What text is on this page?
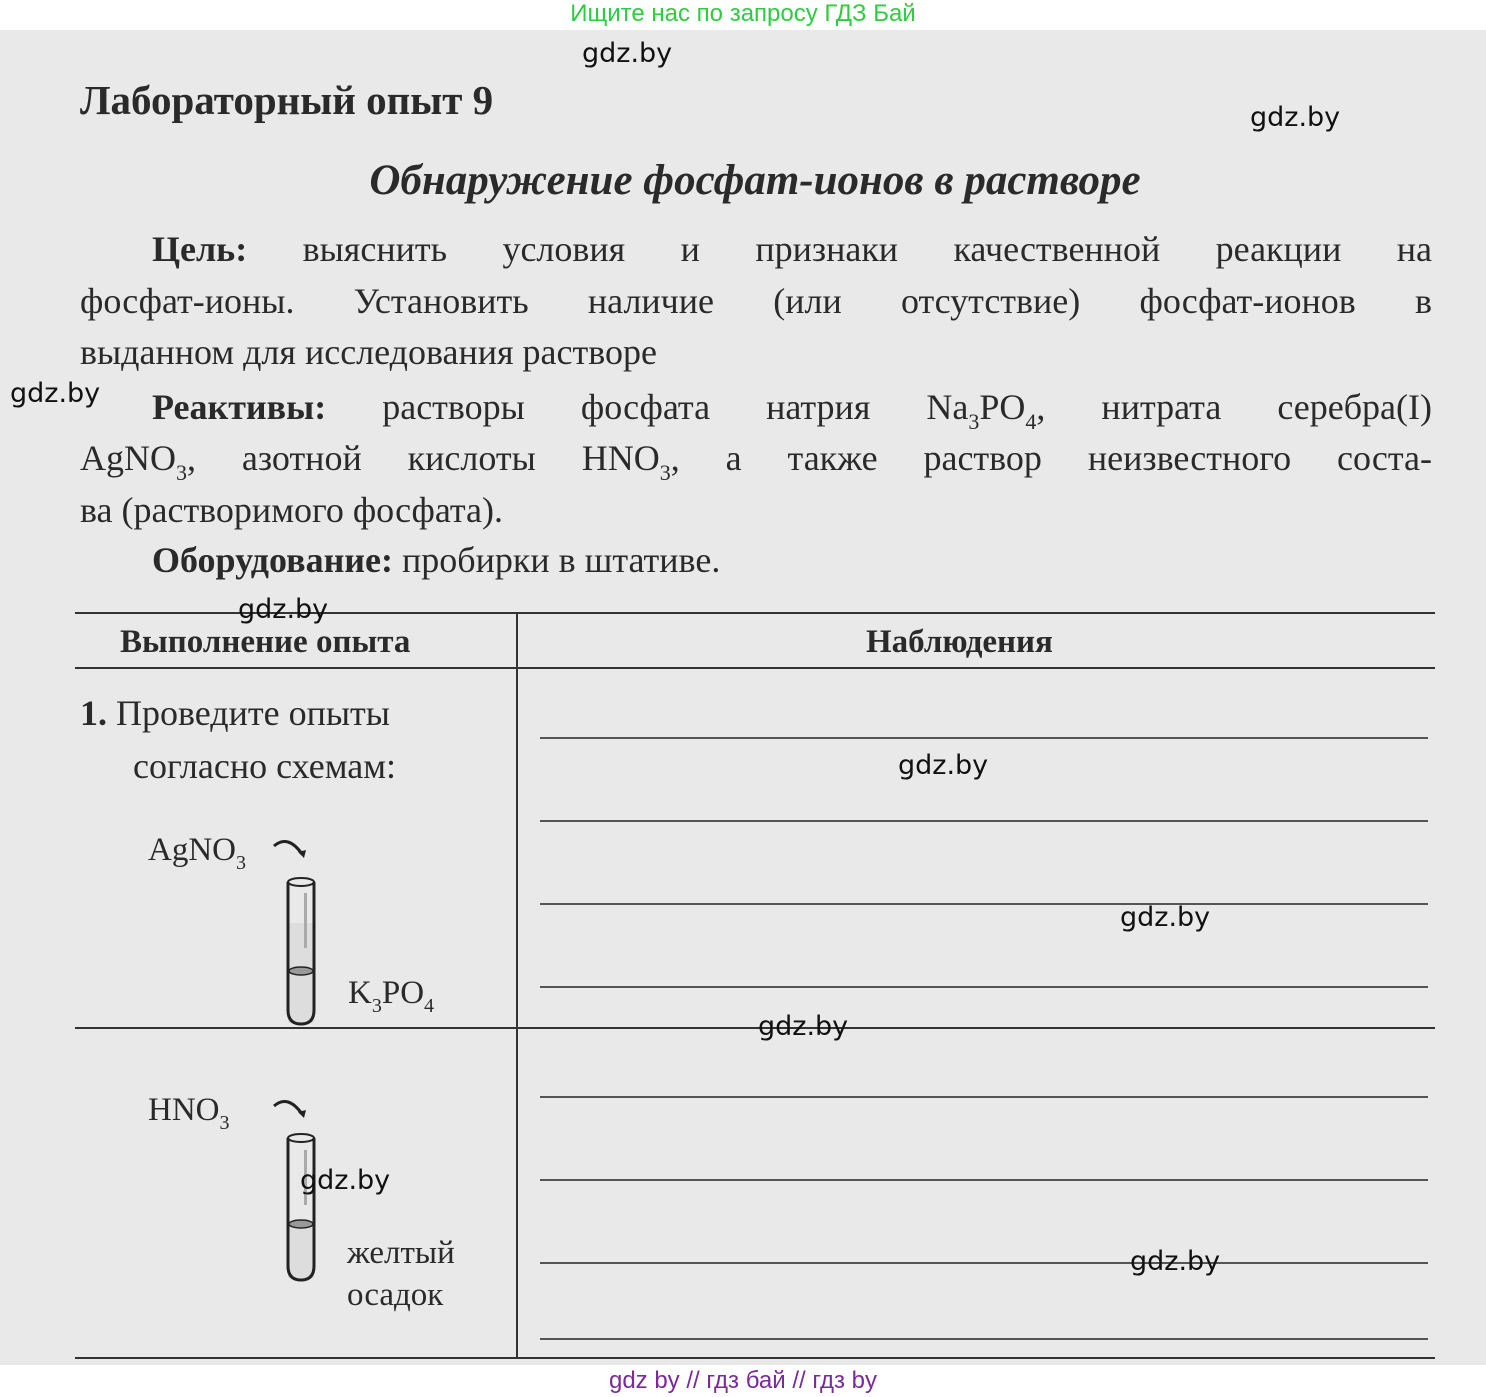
Ищите нас по запросу ГДЗ Бай
Лабораторный опыт 9
Обнаружение фосфат-ионов в растворе
Цель: выяснить условия и признаки качественной реакции на
фосфат-ионы. Установить наличие (или отсутствие) фосфат-ионов в
выданном для исследования растворе
Реактивы: растворы фосфата натрия $Na_3PO_4$, нитрата серебра(I)
AgNO$_3$, азотной кислоты $HNO_3$, а также раствор неизвестного соста-
ва (растворимого фосфата).
Оборудование: пробирки в штативе.
Выполнение опыта	Наблюдения
1. Проведите опыты
согласно схемам:
AgNO$_3$
$K_3PO_4$
$HNO_3$
желтый
осадок
gdz.by
gdz.by
gdz.by
gdz.by
gdz.by
gdz.by
gdz.by
gdz.by
gdz.by
gdz by // гдз бай // гдз by
